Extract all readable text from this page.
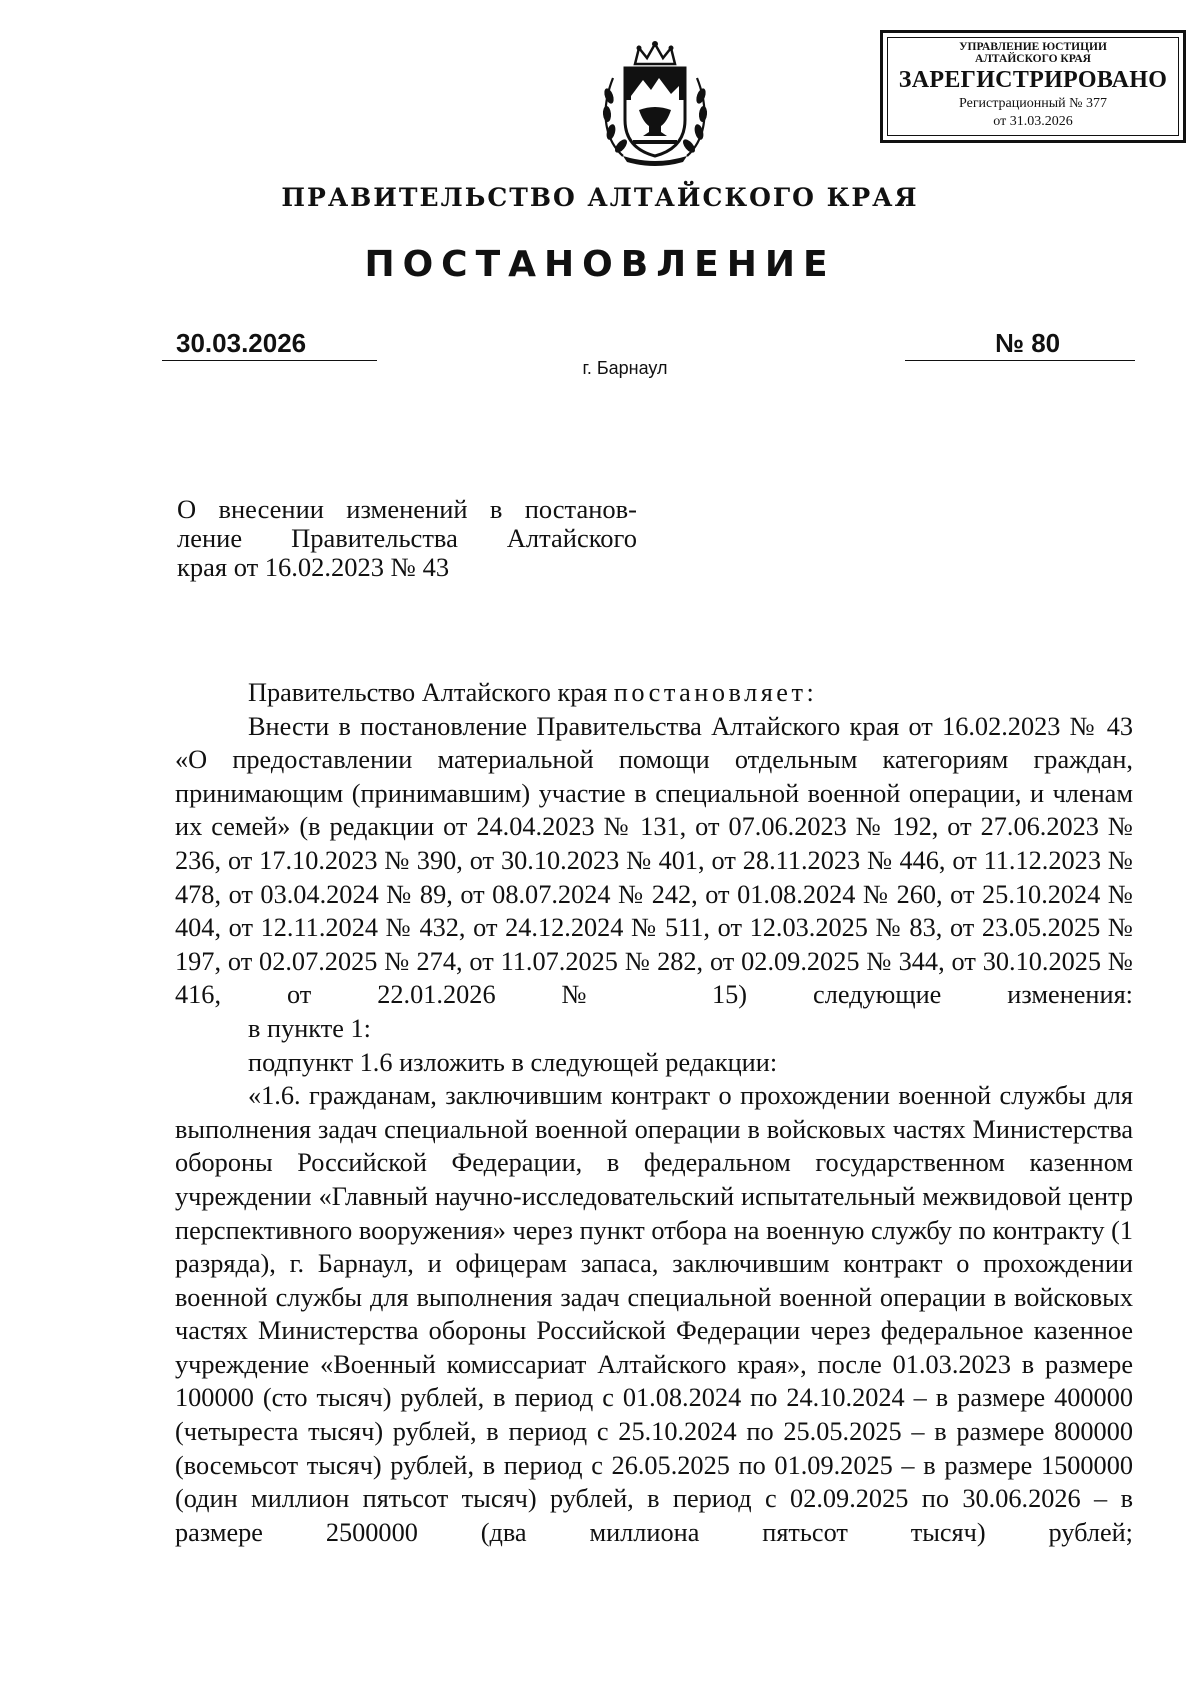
УПРАВЛЕНИЕ ЮСТИЦИИ
АЛТАЙСКОГО КРАЯ
ЗАРЕГИСТРИРОВАНО
Регистрационный № 377
от 31.03.2026
ПРАВИТЕЛЬСТВО АЛТАЙСКОГО КРАЯ
ПОСТАНОВЛЕНИЕ
30.03.2026	№ 80
г. Барнаул
О внесении изменений в постанов-
ление Правительства Алтайского
края от 16.02.2023 № 43

Правительство Алтайского края постановляет:

Внести в постановление Правительства Алтайского края от 16.02.2023 № 43 «О предоставлении материальной помощи отдельным категориям граждан, принимающим (принимавшим) участие в специальной военной операции, и членам их семей» (в редакции от 24.04.2023 № 131, от 07.06.2023 № 192, от 27.06.2023 № 236, от 17.10.2023 № 390, от 30.10.2023 № 401, от 28.11.2023 № 446, от 11.12.2023 № 478, от 03.04.2024 № 89, от 08.07.2024 № 242, от 01.08.2024 № 260, от 25.10.2024 № 404, от 12.11.2024 № 432, от 24.12.2024 № 511, от 12.03.2025 № 83, от 23.05.2025 № 197, от 02.07.2025 № 274, от 11.07.2025 № 282, от 02.09.2025 № 344, от 30.10.2025 № 416, от 22.01.2026 № 15) следующие изменения:

в пункте 1:

подпункт 1.6 изложить в следующей редакции:

«1.6. гражданам, заключившим контракт о прохождении военной службы для выполнения задач специальной военной операции в войсковых частях Министерства обороны Российской Федерации, в федеральном государственном казенном учреждении «Главный научно-исследовательский испытательный межвидовой центр перспективного вооружения» через пункт отбора на военную службу по контракту (1 разряда), г. Барнаул, и офицерам запаса, заключившим контракт о прохождении военной службы для выполнения задач специальной военной операции в войсковых частях Министерства обороны Российской Федерации через федеральное казенное учреждение «Военный комиссариат Алтайского края», после 01.03.2023 в размере 100000 (сто тысяч) рублей, в период с 01.08.2024 по 24.10.2024 – в размере 400000 (четыреста тысяч) рублей, в период с 25.10.2024 по 25.05.2025 – в размере 800000 (восемьсот тысяч) рублей, в период с 26.05.2025 по 01.09.2025 – в размере 1500000 (один миллион пятьсот тысяч) рублей, в период с 02.09.2025 по 30.06.2026 – в размере 2500000 (два миллиона пятьсот тысяч) рублей;
